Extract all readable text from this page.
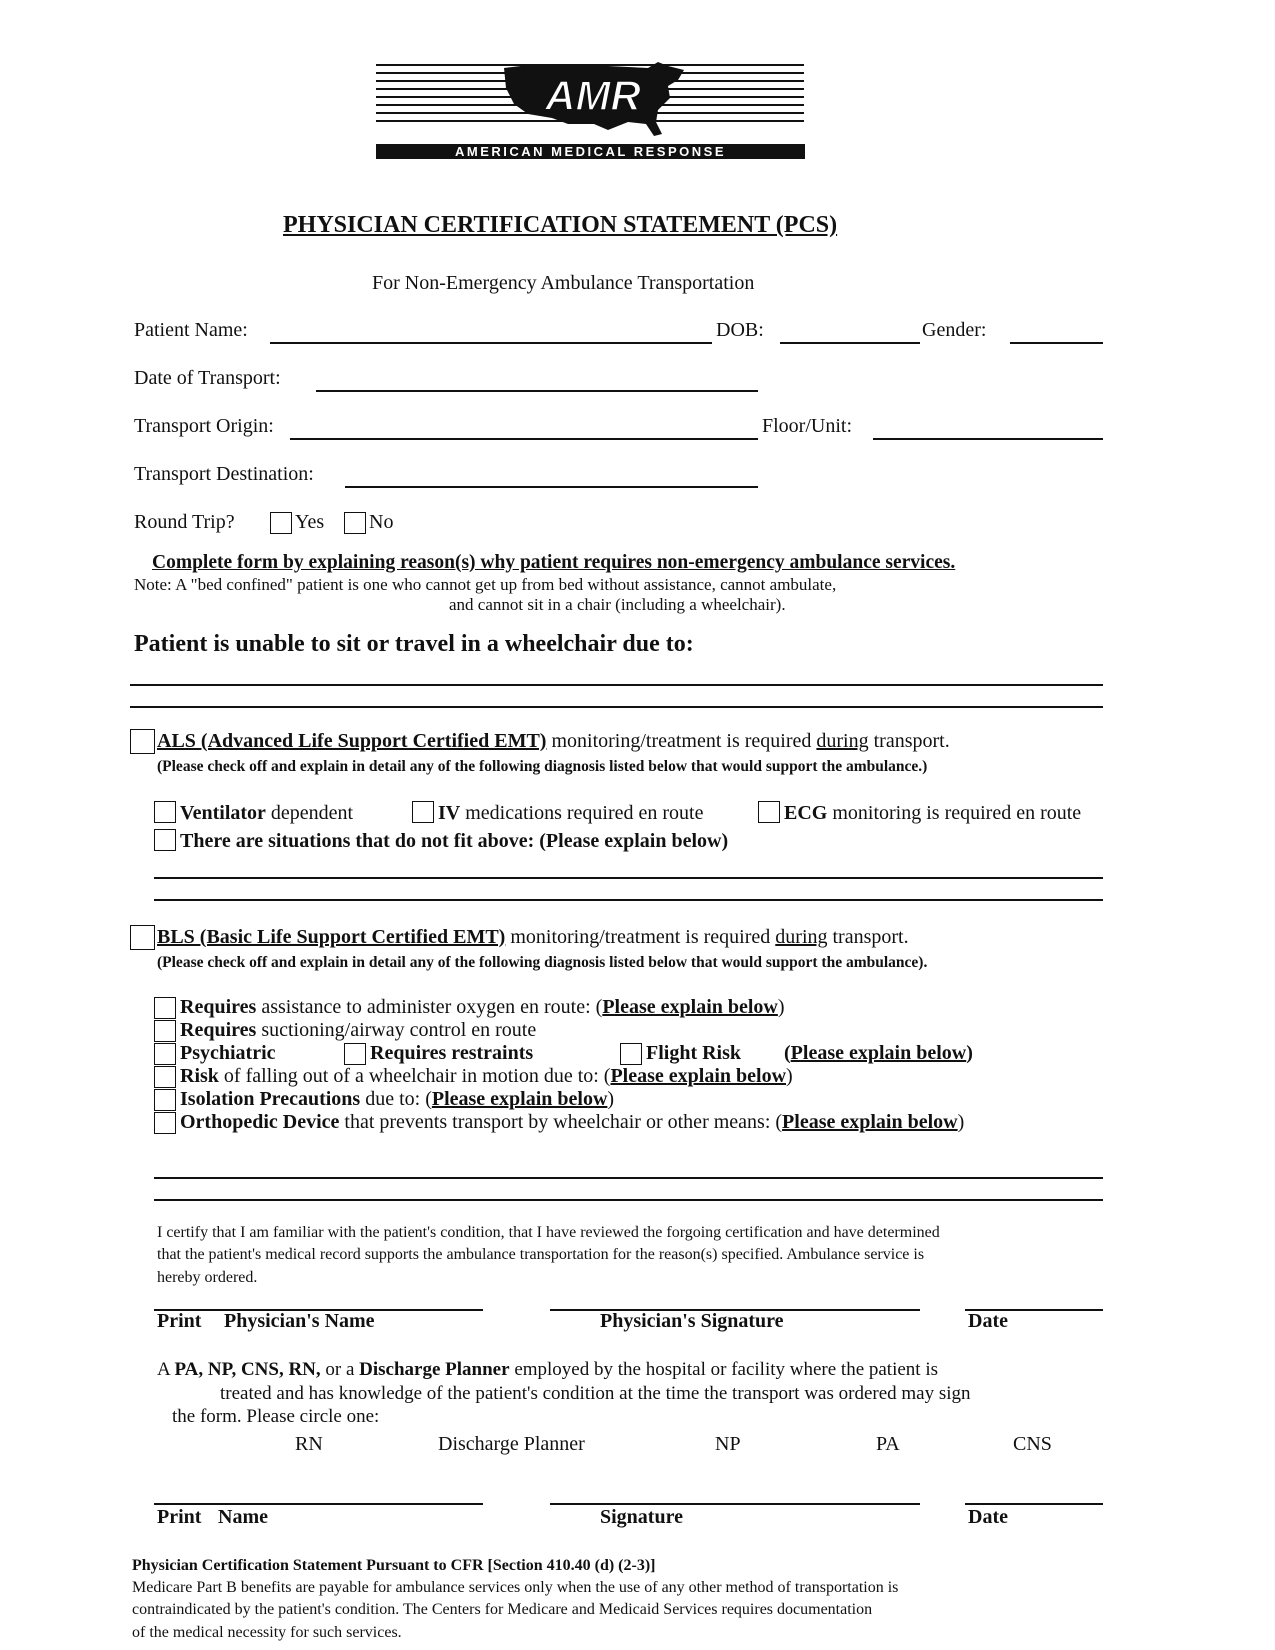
AMR
AMERICAN MEDICAL RESPONSE
PHYSICIAN CERTIFICATION STATEMENT (PCS)
For Non-Emergency Ambulance Transportation
Patient Name:	DOB:	Gender:
Date of Transport:
Transport Origin:	Floor/Unit:
Transport Destination:
Round Trip?	Yes No
Complete form by explaining reason(s) why patient requires non-emergency ambulance services.
Note: A "bed confined" patient is one who cannot get up from bed without assistance, cannot ambulate,
and cannot sit in a chair (including a wheelchair).
Patient is unable to sit or travel in a wheelchair due to:
ALS (Advanced Life Support Certified EMT) monitoring/treatment is required during transport.
(Please check off and explain in detail any of the following diagnosis listed below that would support the ambulance.)
Ventilator dependent	IV medications required en route	ECG monitoring is required en route
There are situations that do not fit above: (Please explain below)
BLS (Basic Life Support Certified EMT) monitoring/treatment is required during transport.
(Please check off and explain in detail any of the following diagnosis listed below that would support the ambulance).
Requires assistance to administer oxygen en route: (Please explain below)
Requires suctioning/airway control en route
Psychiatric	Requires restraints	Flight Risk (Please explain below)
Risk of falling out of a wheelchair in motion due to: (Please explain below)
Isolation Precautions due to: (Please explain below)
Orthopedic Device that prevents transport by wheelchair or other means: (Please explain below)
I certify that I am familiar with the patient's condition, that I have reviewed the forgoing certification and have determined
that the patient's medical record supports the ambulance transportation for the reason(s) specified. Ambulance service is
hereby ordered.
Print Physician's Name	Physician's Signature	Date
A PA, NP, CNS, RN, or a Discharge Planner employed by the hospital or facility where the patient is
treated and has knowledge of the patient's condition at the time the transport was ordered may sign
the form. Please circle one:
RN	Discharge Planner	NP	PA	CNS
Print Name	Signature	Date
Physician Certification Statement Pursuant to CFR [Section 410.40 (d) (2-3)]
Medicare Part B benefits are payable for ambulance services only when the use of any other method of transportation is
contraindicated by the patient's condition. The Centers for Medicare and Medicaid Services requires documentation
of the medical necessity for such services.
